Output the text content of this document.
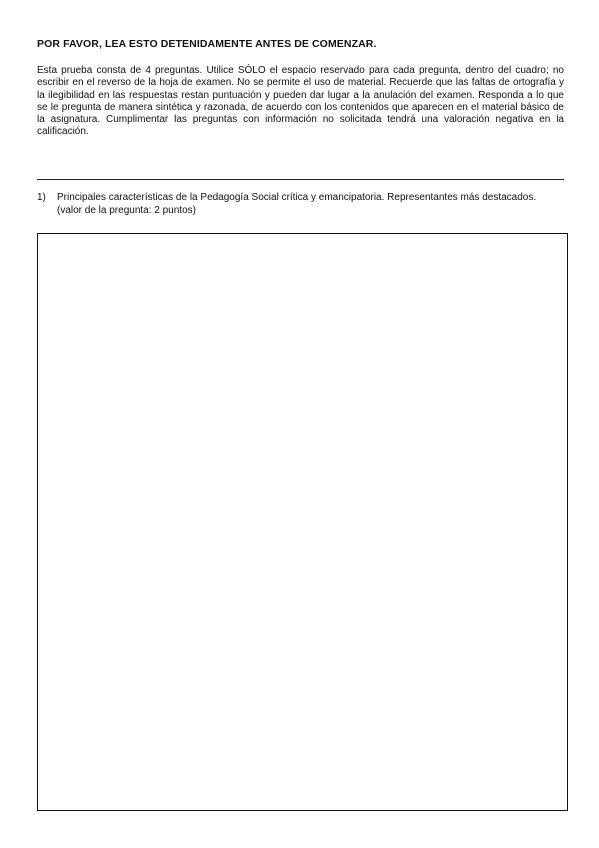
POR FAVOR, LEA ESTO DETENIDAMENTE ANTES DE COMENZAR.

Esta prueba consta de 4 preguntas. Utilice SÓLO el espacio reservado para cada pregunta, dentro del cuadro; no escribir en el reverso de la hoja de examen. No se permite el uso de material. Recuerde que las faltas de ortografía y la ilegibilidad en las respuestas restan puntuación y pueden dar lugar a la anulación del examen. Responda a lo que se le pregunta de manera sintética y razonada, de acuerdo con los contenidos que aparecen en el material básico de la asignatura. Cumplimentar las preguntas con información no solicitada tendrá una valoración negativa en la calificación.

1)	Principales características de la Pedagogía Social crítica y emancipatoria. Representantes más destacados. (valor de la pregunta: 2 puntos)
